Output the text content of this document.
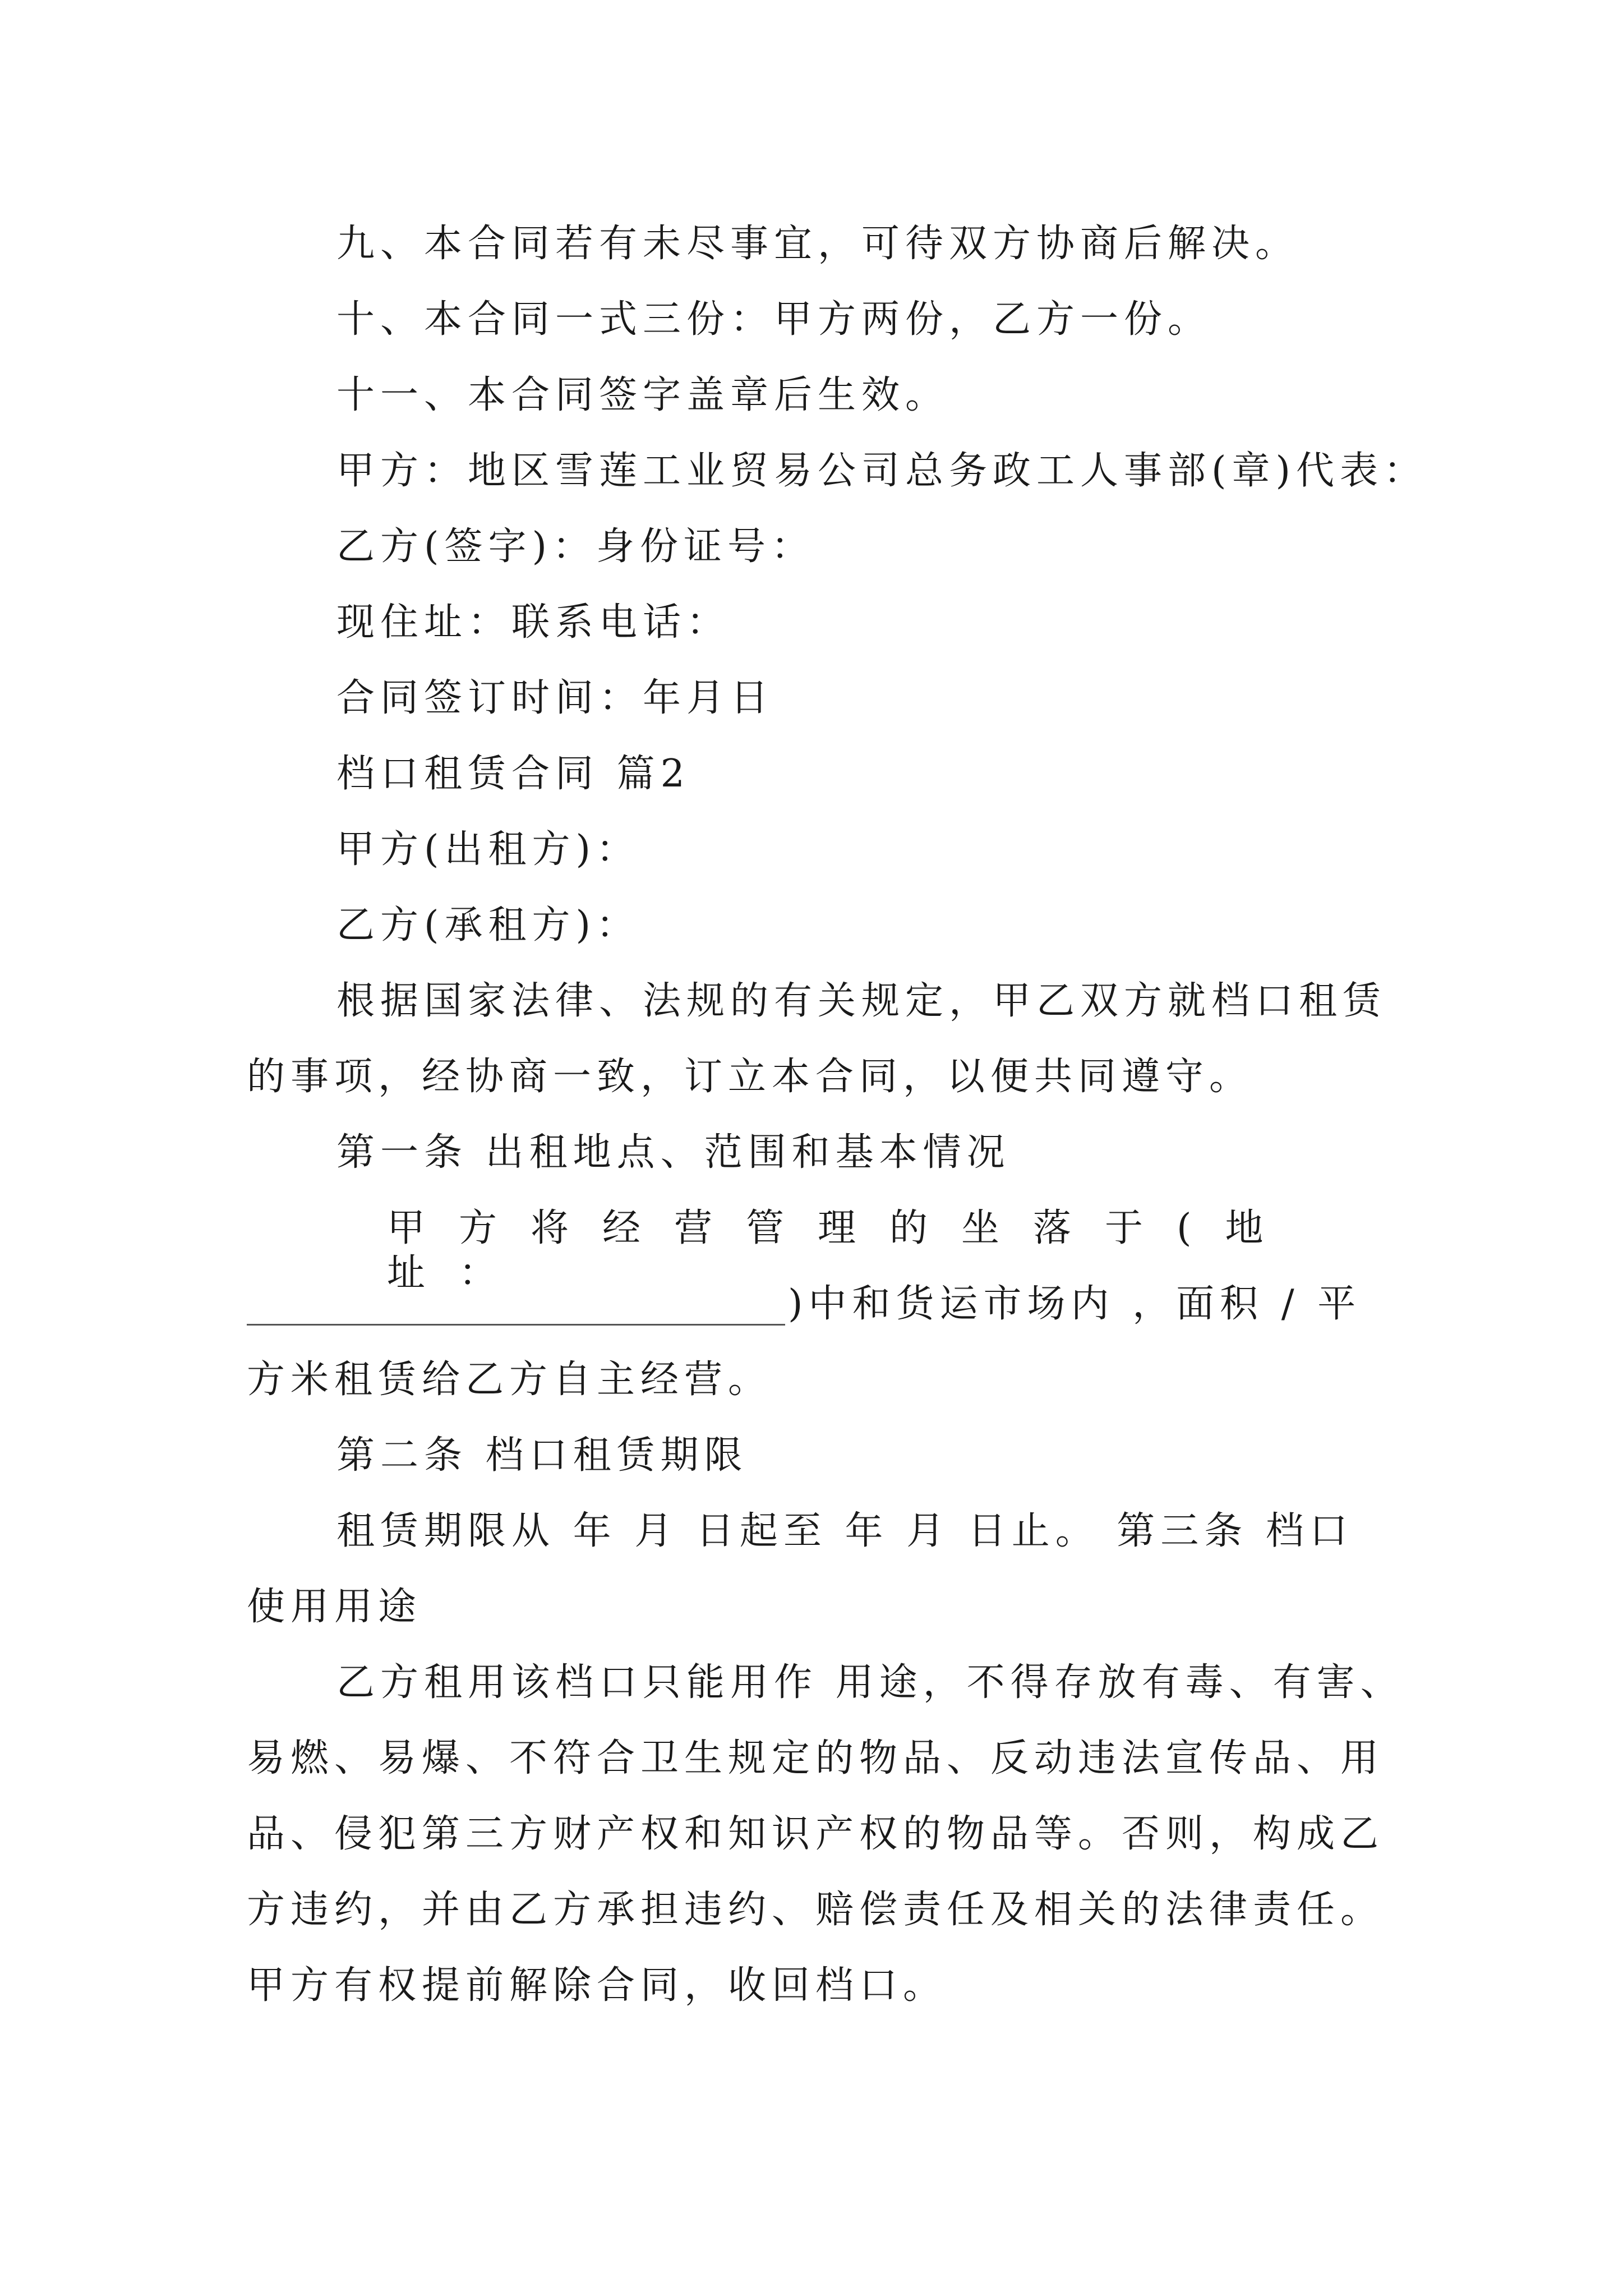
九、本合同若有未尽事宜，可待双方协商后解决。
十、本合同一式三份：甲方两份，乙方一份。
十一、本合同签字盖章后生效。
甲方：地区雪莲工业贸易公司总务政工人事部(章)代表：
乙方(签字)：身份证号：
现住址：联系电话：
合同签订时间：年月日
档口租赁合同 篇2
甲方(出租方)：
乙方(承租方)：
根据国家法律、法规的有关规定，甲乙双方就档口租赁
的事项，经协商一致，订立本合同，以便共同遵守。
第一条 出租地点、范围和基本情况
甲方将经营管理的坐落于(地址：
)中和货运市场内 ，面积 / 平
方米租赁给乙方自主经营。
第二条 档口租赁期限
租赁期限从 年 月 日起至 年 月 日止。 第三条 档口
使用用途
乙方租用该档口只能用作 用途，不得存放有毒、有害、
易燃、易爆、不符合卫生规定的物品、反动违法宣传品、用
品、侵犯第三方财产权和知识产权的物品等。否则，构成乙
方违约，并由乙方承担违约、赔偿责任及相关的法律责任。
甲方有权提前解除合同，收回档口。
